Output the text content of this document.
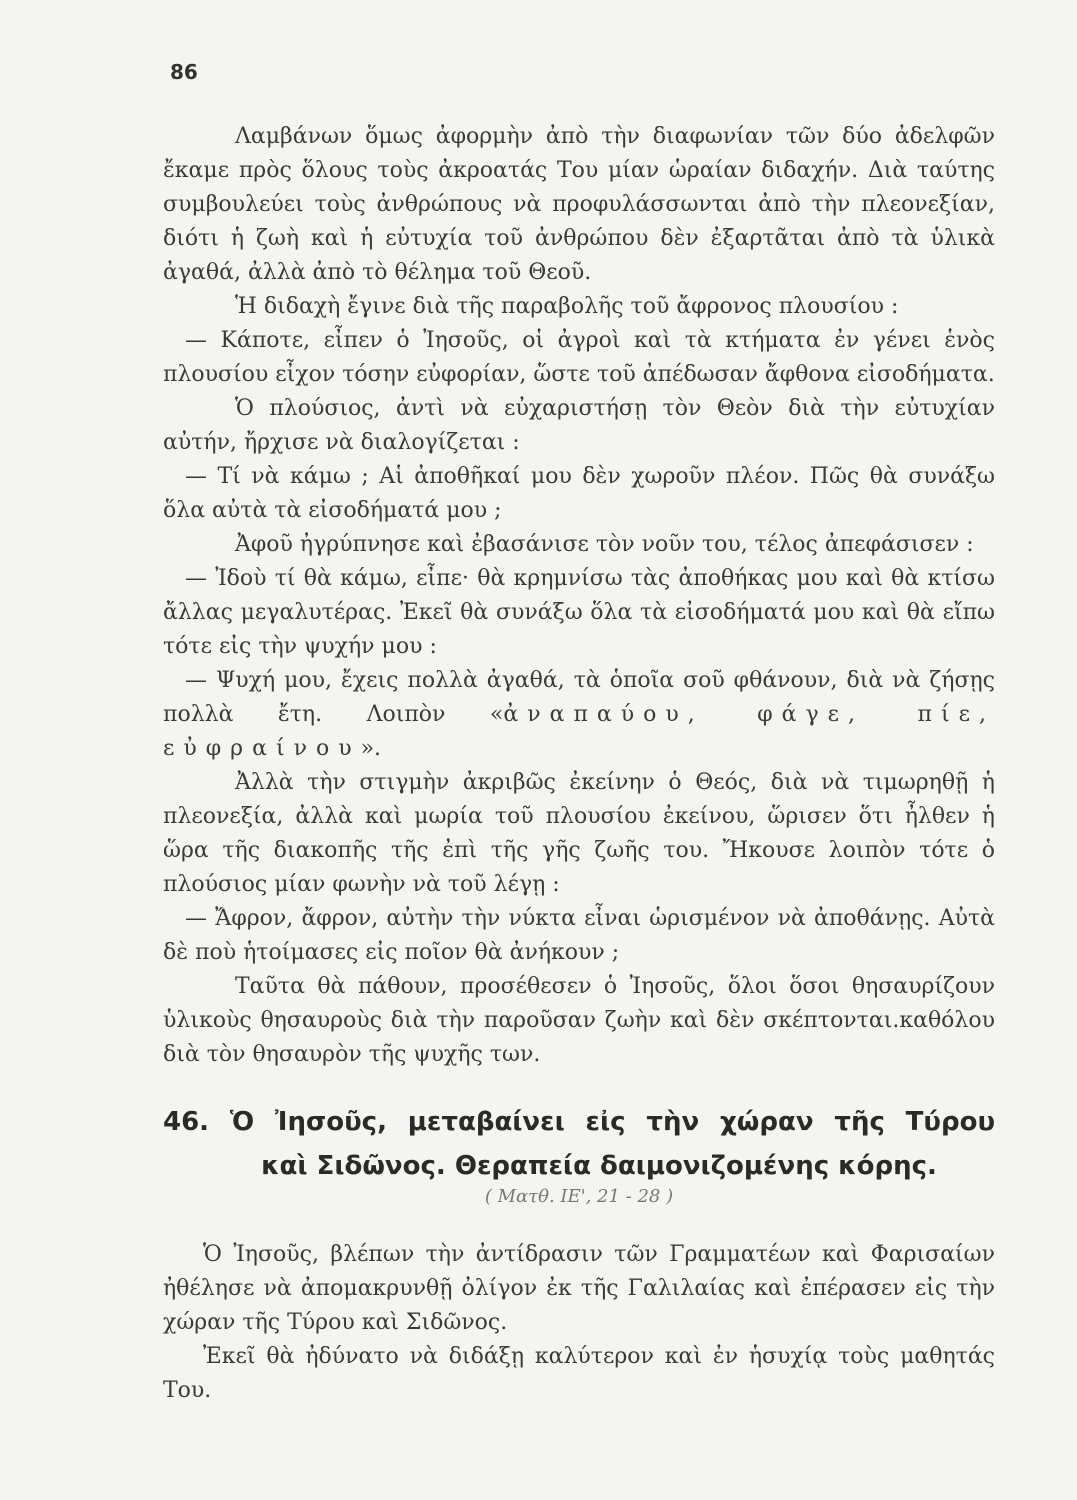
86

Λαμβάνων ὅμως ἀφορμὴν ἀπὸ τὴν διαφωνίαν τῶν δύο ἀδελφῶν ἔκαμε πρὸς ὅλους τοὺς ἀκροατάς Του μίαν ὡραίαν διδαχήν. Διὰ ταύτης συμβουλεύει τοὺς ἀνθρώπους νὰ προφυλάσσωνται ἀπὸ τὴν πλεονεξίαν, διότι ἡ ζωὴ καὶ ἡ εὐτυχία τοῦ ἀνθρώπου δὲν ἐξαρτᾶται ἀπὸ τὰ ὑλικὰ ἀγαθά, ἀλλὰ ἀπὸ τὸ θέλημα τοῦ Θεοῦ.

Ἡ διδαχὴ ἔγινε διὰ τῆς παραβολῆς τοῦ ἄφρονος πλουσίου :

— Κάποτε, εἶπεν ὁ Ἰησοῦς, οἱ ἀγροὶ καὶ τὰ κτήματα ἐν γένει ἑνὸς πλουσίου εἶχον τόσην εὐφορίαν, ὥστε τοῦ ἀπέδωσαν ἄφθονα εἰσοδήματα.

Ὁ πλούσιος, ἀντὶ νὰ εὐχαριστήσῃ τὸν Θεὸν διὰ τὴν εὐτυχίαν αὐτήν, ἤρχισε νὰ διαλογίζεται :

— Τί νὰ κάμω ; Αἱ ἀποθῆκαί μου δὲν χωροῦν πλέον. Πῶς θὰ συνάξω ὅλα αὐτὰ τὰ εἰσοδήματά μου ;

Ἀφοῦ ἠγρύπνησε καὶ ἐβασάνισε τὸν νοῦν του, τέλος ἀπεφάσισεν :

— Ἰδοὺ τί θὰ κάμω, εἶπε· θὰ κρημνίσω τὰς ἀποθήκας μου καὶ θὰ κτίσω ἄλλας μεγαλυτέρας. Ἐκεῖ θὰ συνάξω ὅλα τὰ εἰσοδήματά μου καὶ θὰ εἴπω τότε εἰς τὴν ψυχήν μου :

— Ψυχή μου, ἔχεις πολλὰ ἀγαθά, τὰ ὁποῖα σοῦ φθάνουν, διὰ νὰ ζήσῃς πολλὰ ἔτη. Λοιπὸν «ἀναπαύου, φάγε, πίε, εὐφραίνου».

Ἀλλὰ τὴν στιγμὴν ἀκριβῶς ἐκείνην ὁ Θεός, διὰ νὰ τιμωρηθῇ ἡ πλεονεξία, ἀλλὰ καὶ μωρία τοῦ πλουσίου ἐκείνου, ὥρισεν ὅτι ἦλθεν ἡ ὥρα τῆς διακοπῆς τῆς ἐπὶ τῆς γῆς ζωῆς του. Ἤκουσε λοιπὸν τότε ὁ πλούσιος μίαν φωνὴν νὰ τοῦ λέγῃ :

— Ἄφρον, ἄφρον, αὐτὴν τὴν νύκτα εἶναι ὡρισμένον νὰ ἀποθάνῃς. Αὐτὰ δὲ ποὺ ἡτοίμασες εἰς ποῖον θὰ ἀνήκουν ;

Ταῦτα θὰ πάθουν, προσέθεσεν ὁ Ἰησοῦς, ὅλοι ὅσοι θησαυρίζουν ὑλικοὺς θησαυροὺς διὰ τὴν παροῦσαν ζωὴν καὶ δὲν σκέπτονται.καθόλου διὰ τὸν θησαυρὸν τῆς ψυχῆς των.

46. Ὁ Ἰησοῦς, μεταβαίνει εἰς τὴν χώραν τῆς Τύρου
καὶ Σιδῶνος. Θεραπεία δαιμονιζομένης κόρης.
( Ματθ. ΙΕ', 21 - 28 )

Ὁ Ἰησοῦς, βλέπων τὴν ἀντίδρασιν τῶν Γραμματέων καὶ Φαρισαίων ἠθέλησε νὰ ἀπομακρυνθῇ ὀλίγον ἐκ τῆς Γαλιλαίας καὶ ἐπέρασεν εἰς τὴν χώραν τῆς Τύρου καὶ Σιδῶνος.

Ἐκεῖ θὰ ἠδύνατο νὰ διδάξῃ καλύτερον καὶ ἐν ἡσυχίᾳ τοὺς μαθητάς Του.
